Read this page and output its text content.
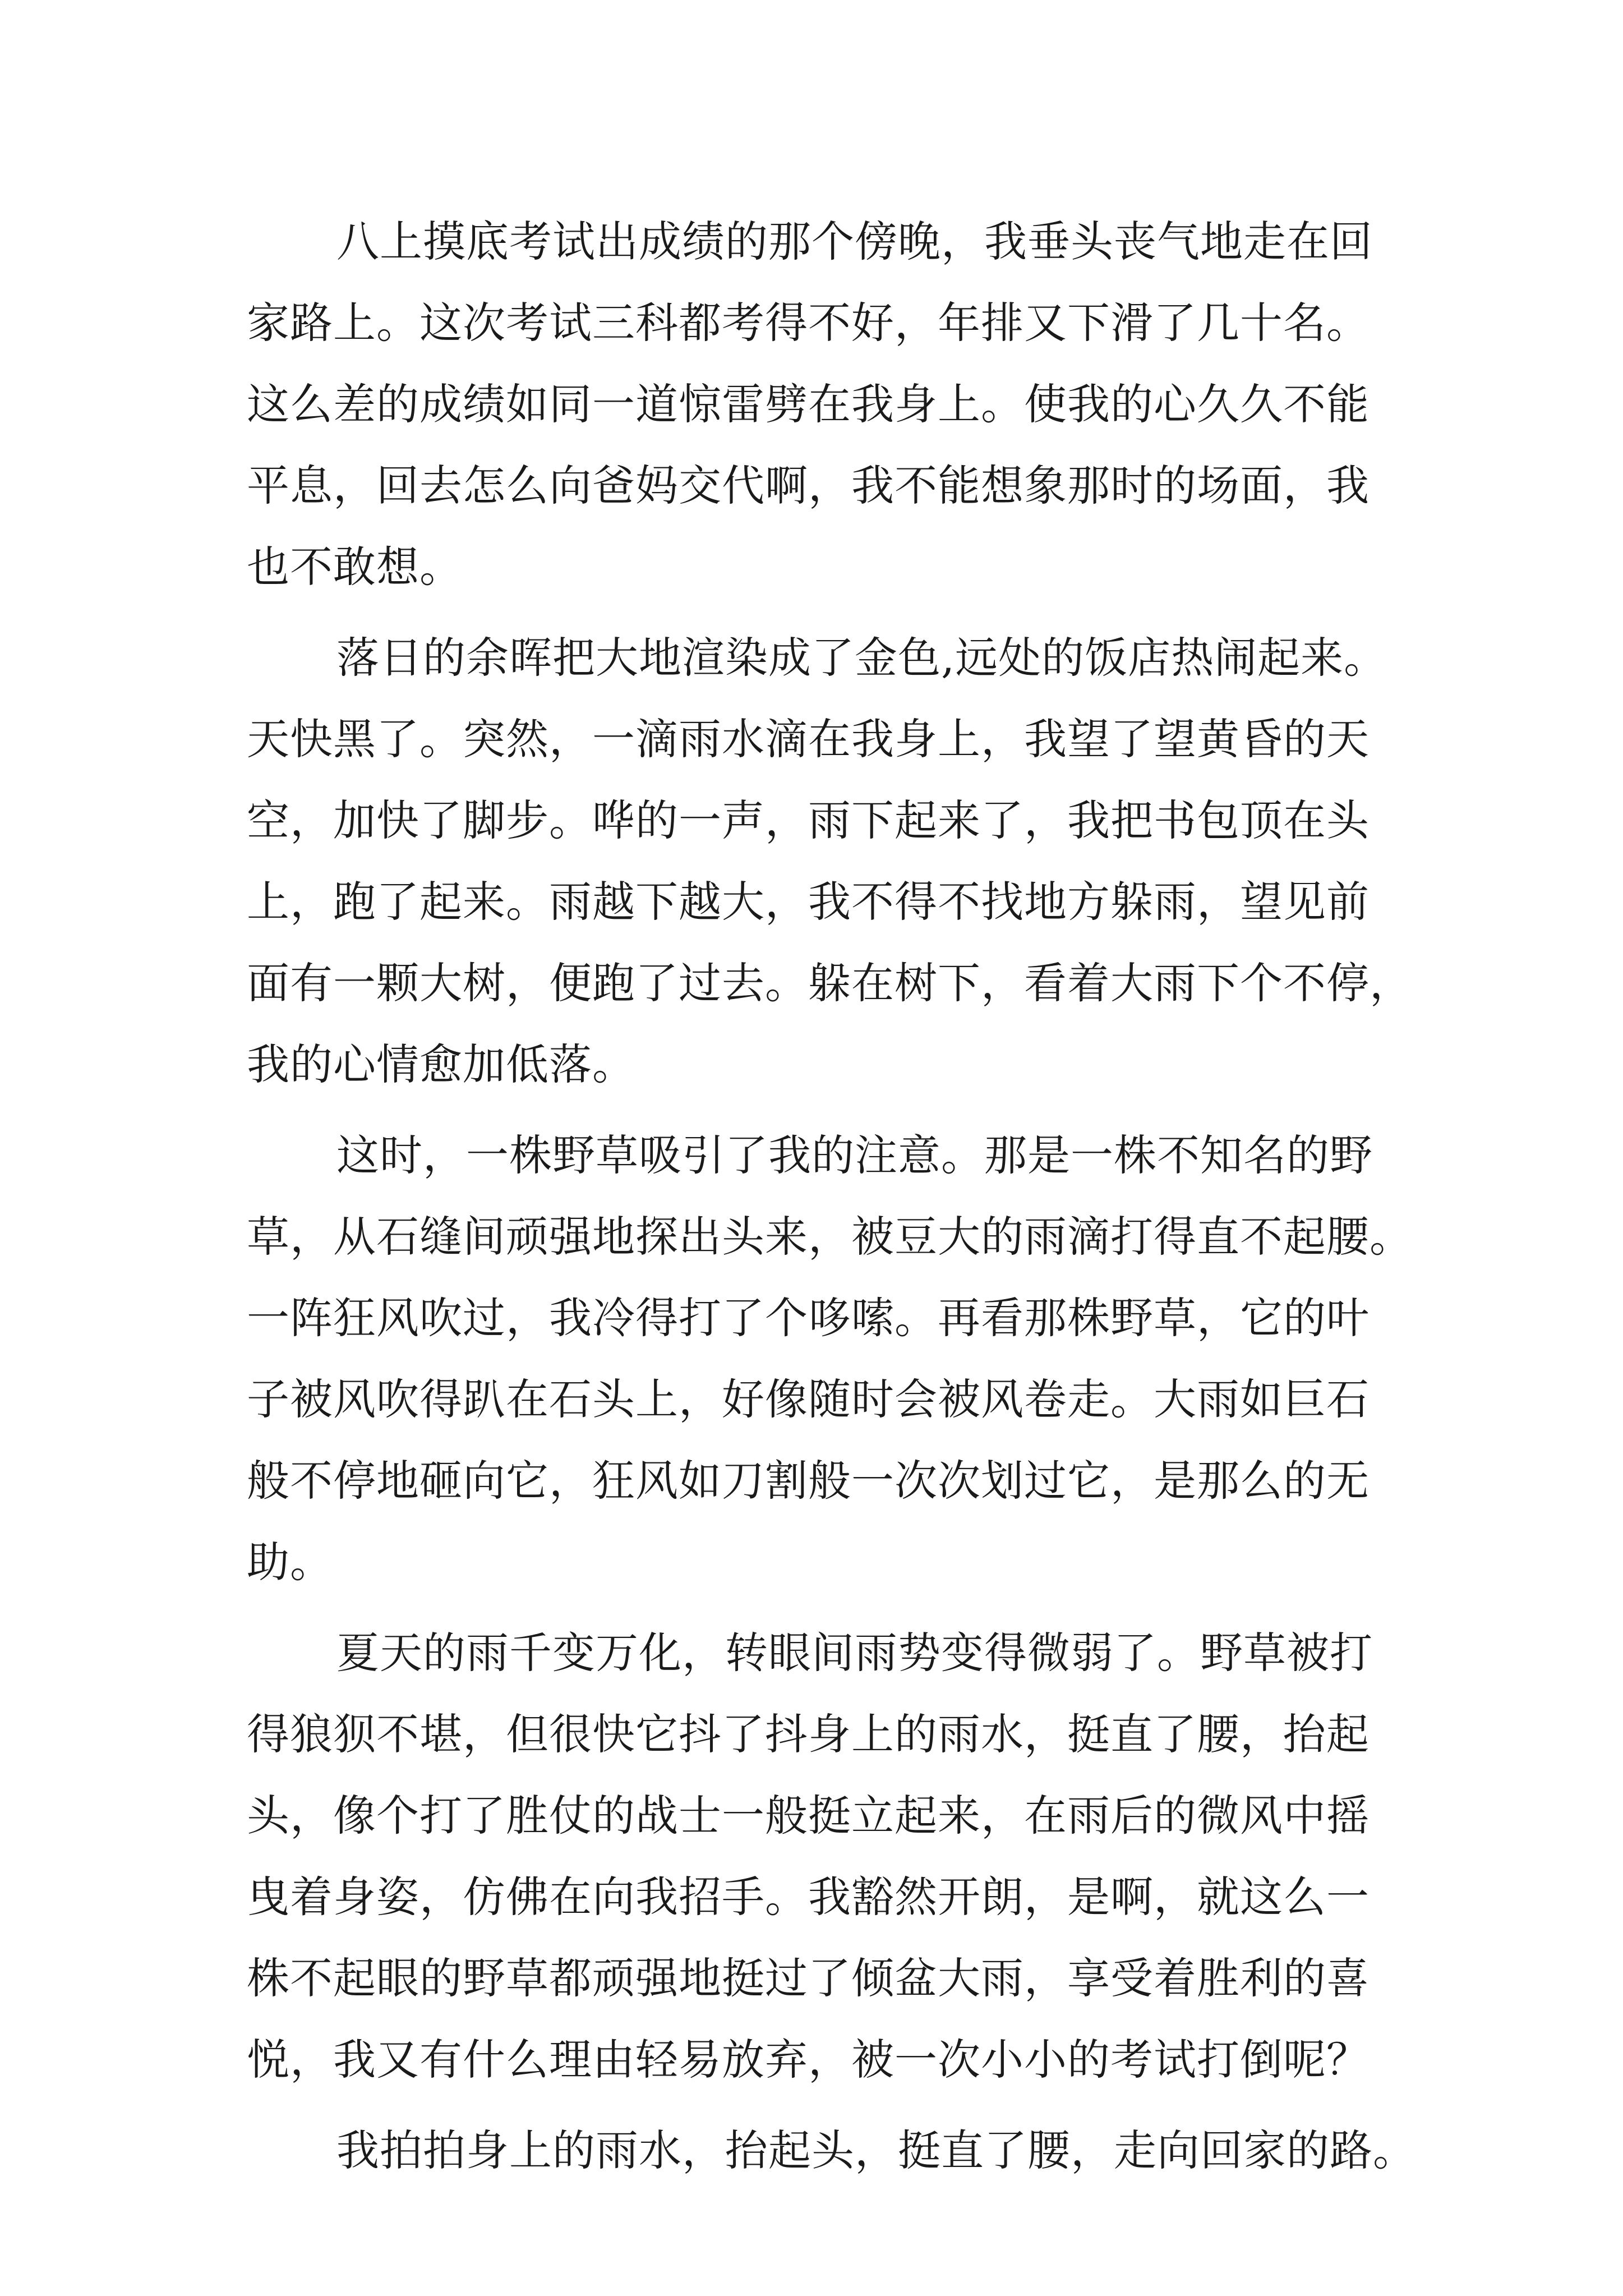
八上摸底考试出成绩的那个傍晚，我垂头丧气地走在回
家路上。这次考试三科都考得不好，年排又下滑了几十名。
这么差的成绩如同一道惊雷劈在我身上。使我的心久久不能
平息，回去怎么向爸妈交代啊，我不能想象那时的场面，我
也不敢想。
落日的余晖把大地渲染成了金色,远处的饭店热闹起来。
天快黑了。突然，一滴雨水滴在我身上，我望了望黄昏的天
空，加快了脚步。哗的一声，雨下起来了，我把书包顶在头
上，跑了起来。雨越下越大，我不得不找地方躲雨，望见前
面有一颗大树，便跑了过去。躲在树下，看着大雨下个不停，
我的心情愈加低落。
这时，一株野草吸引了我的注意。那是一株不知名的野
草，从石缝间顽强地探出头来，被豆大的雨滴打得直不起腰。
一阵狂风吹过，我冷得打了个哆嗦。再看那株野草，它的叶
子被风吹得趴在石头上，好像随时会被风卷走。大雨如巨石
般不停地砸向它，狂风如刀割般一次次划过它，是那么的无
助。
夏天的雨千变万化，转眼间雨势变得微弱了。野草被打
得狼狈不堪，但很快它抖了抖身上的雨水，挺直了腰，抬起
头，像个打了胜仗的战士一般挺立起来，在雨后的微风中摇
曳着身姿，仿佛在向我招手。我豁然开朗，是啊，就这么一
株不起眼的野草都顽强地挺过了倾盆大雨，享受着胜利的喜
悦，我又有什么理由轻易放弃，被一次小小的考试打倒呢？
我拍拍身上的雨水，抬起头，挺直了腰，走向回家的路。
